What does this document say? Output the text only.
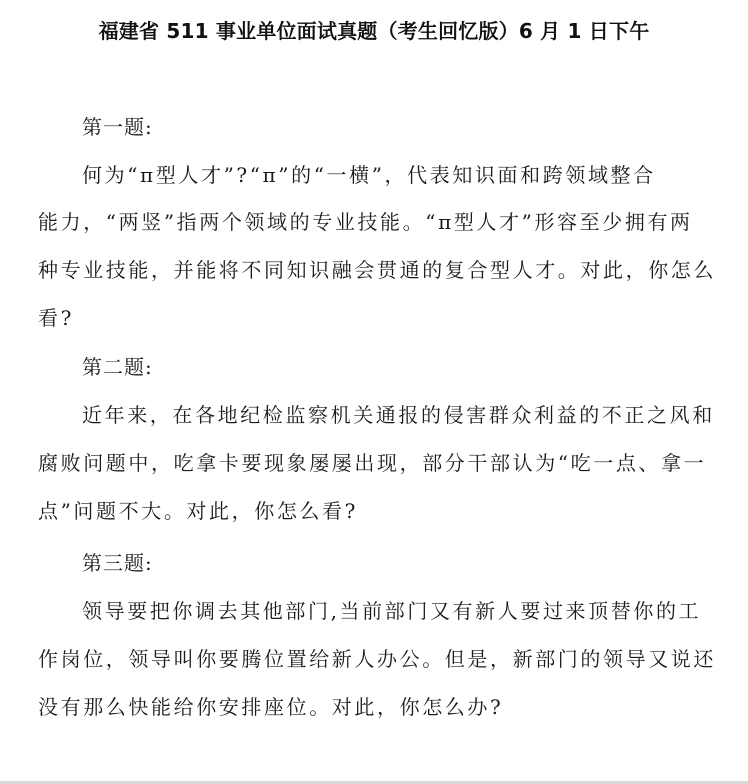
福建省 511 事业单位面试真题（考生回忆版）6 月 1 日下午
第一题:
何为“π型人才”?“π”的“一横”，代表知识面和跨领域整合
能力，“两竖”指两个领域的专业技能。“π型人才”形容至少拥有两
种专业技能，并能将不同知识融会贯通的复合型人才。对此，你怎么
看?
第二题:
近年来，在各地纪检监察机关通报的侵害群众利益的不正之风和
腐败问题中，吃拿卡要现象屡屡出现，部分干部认为“吃一点、拿一
点”问题不大。对此，你怎么看?
第三题:
领导要把你调去其他部门,当前部门又有新人要过来顶替你的工
作岗位，领导叫你要腾位置给新人办公。但是，新部门的领导又说还
没有那么快能给你安排座位。对此，你怎么办?
